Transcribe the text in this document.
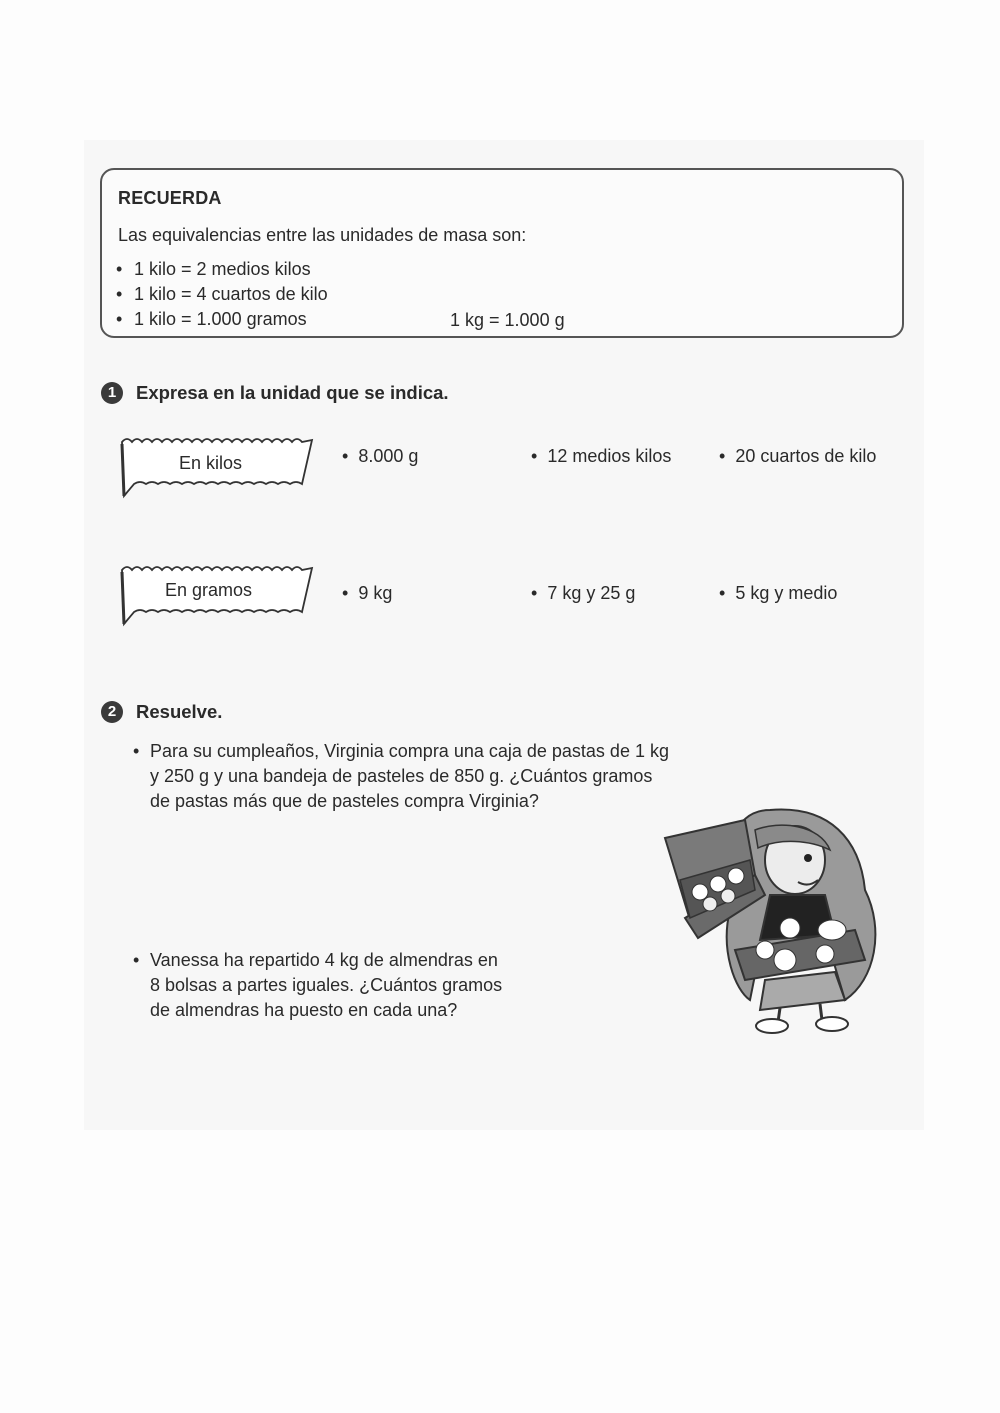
RECUERDA
Las equivalencias entre las unidades de masa son:
• 1 kilo = 2 medios kilos
• 1 kilo = 4 cuartos de kilo
• 1 kilo = 1.000 gramos	1 kg = 1.000 g
1	Expresa en la unidad que se indica.
En kilos	•  8.000 g	•  12 medios kilos	•  20 cuartos de kilo
En gramos	•  9 kg	•  7 kg y 25 g	•  5 kg y medio
2	Resuelve.
• Para su cumpleaños, Virginia compra una caja de pastas de 1 kg
y 250 g y una bandeja de pasteles de 850 g. ¿Cuántos gramos
de pastas más que de pasteles compra Virginia?
• Vanessa ha repartido 4 kg de almendras en
8 bolsas a partes iguales. ¿Cuántos gramos
de almendras ha puesto en cada una?
